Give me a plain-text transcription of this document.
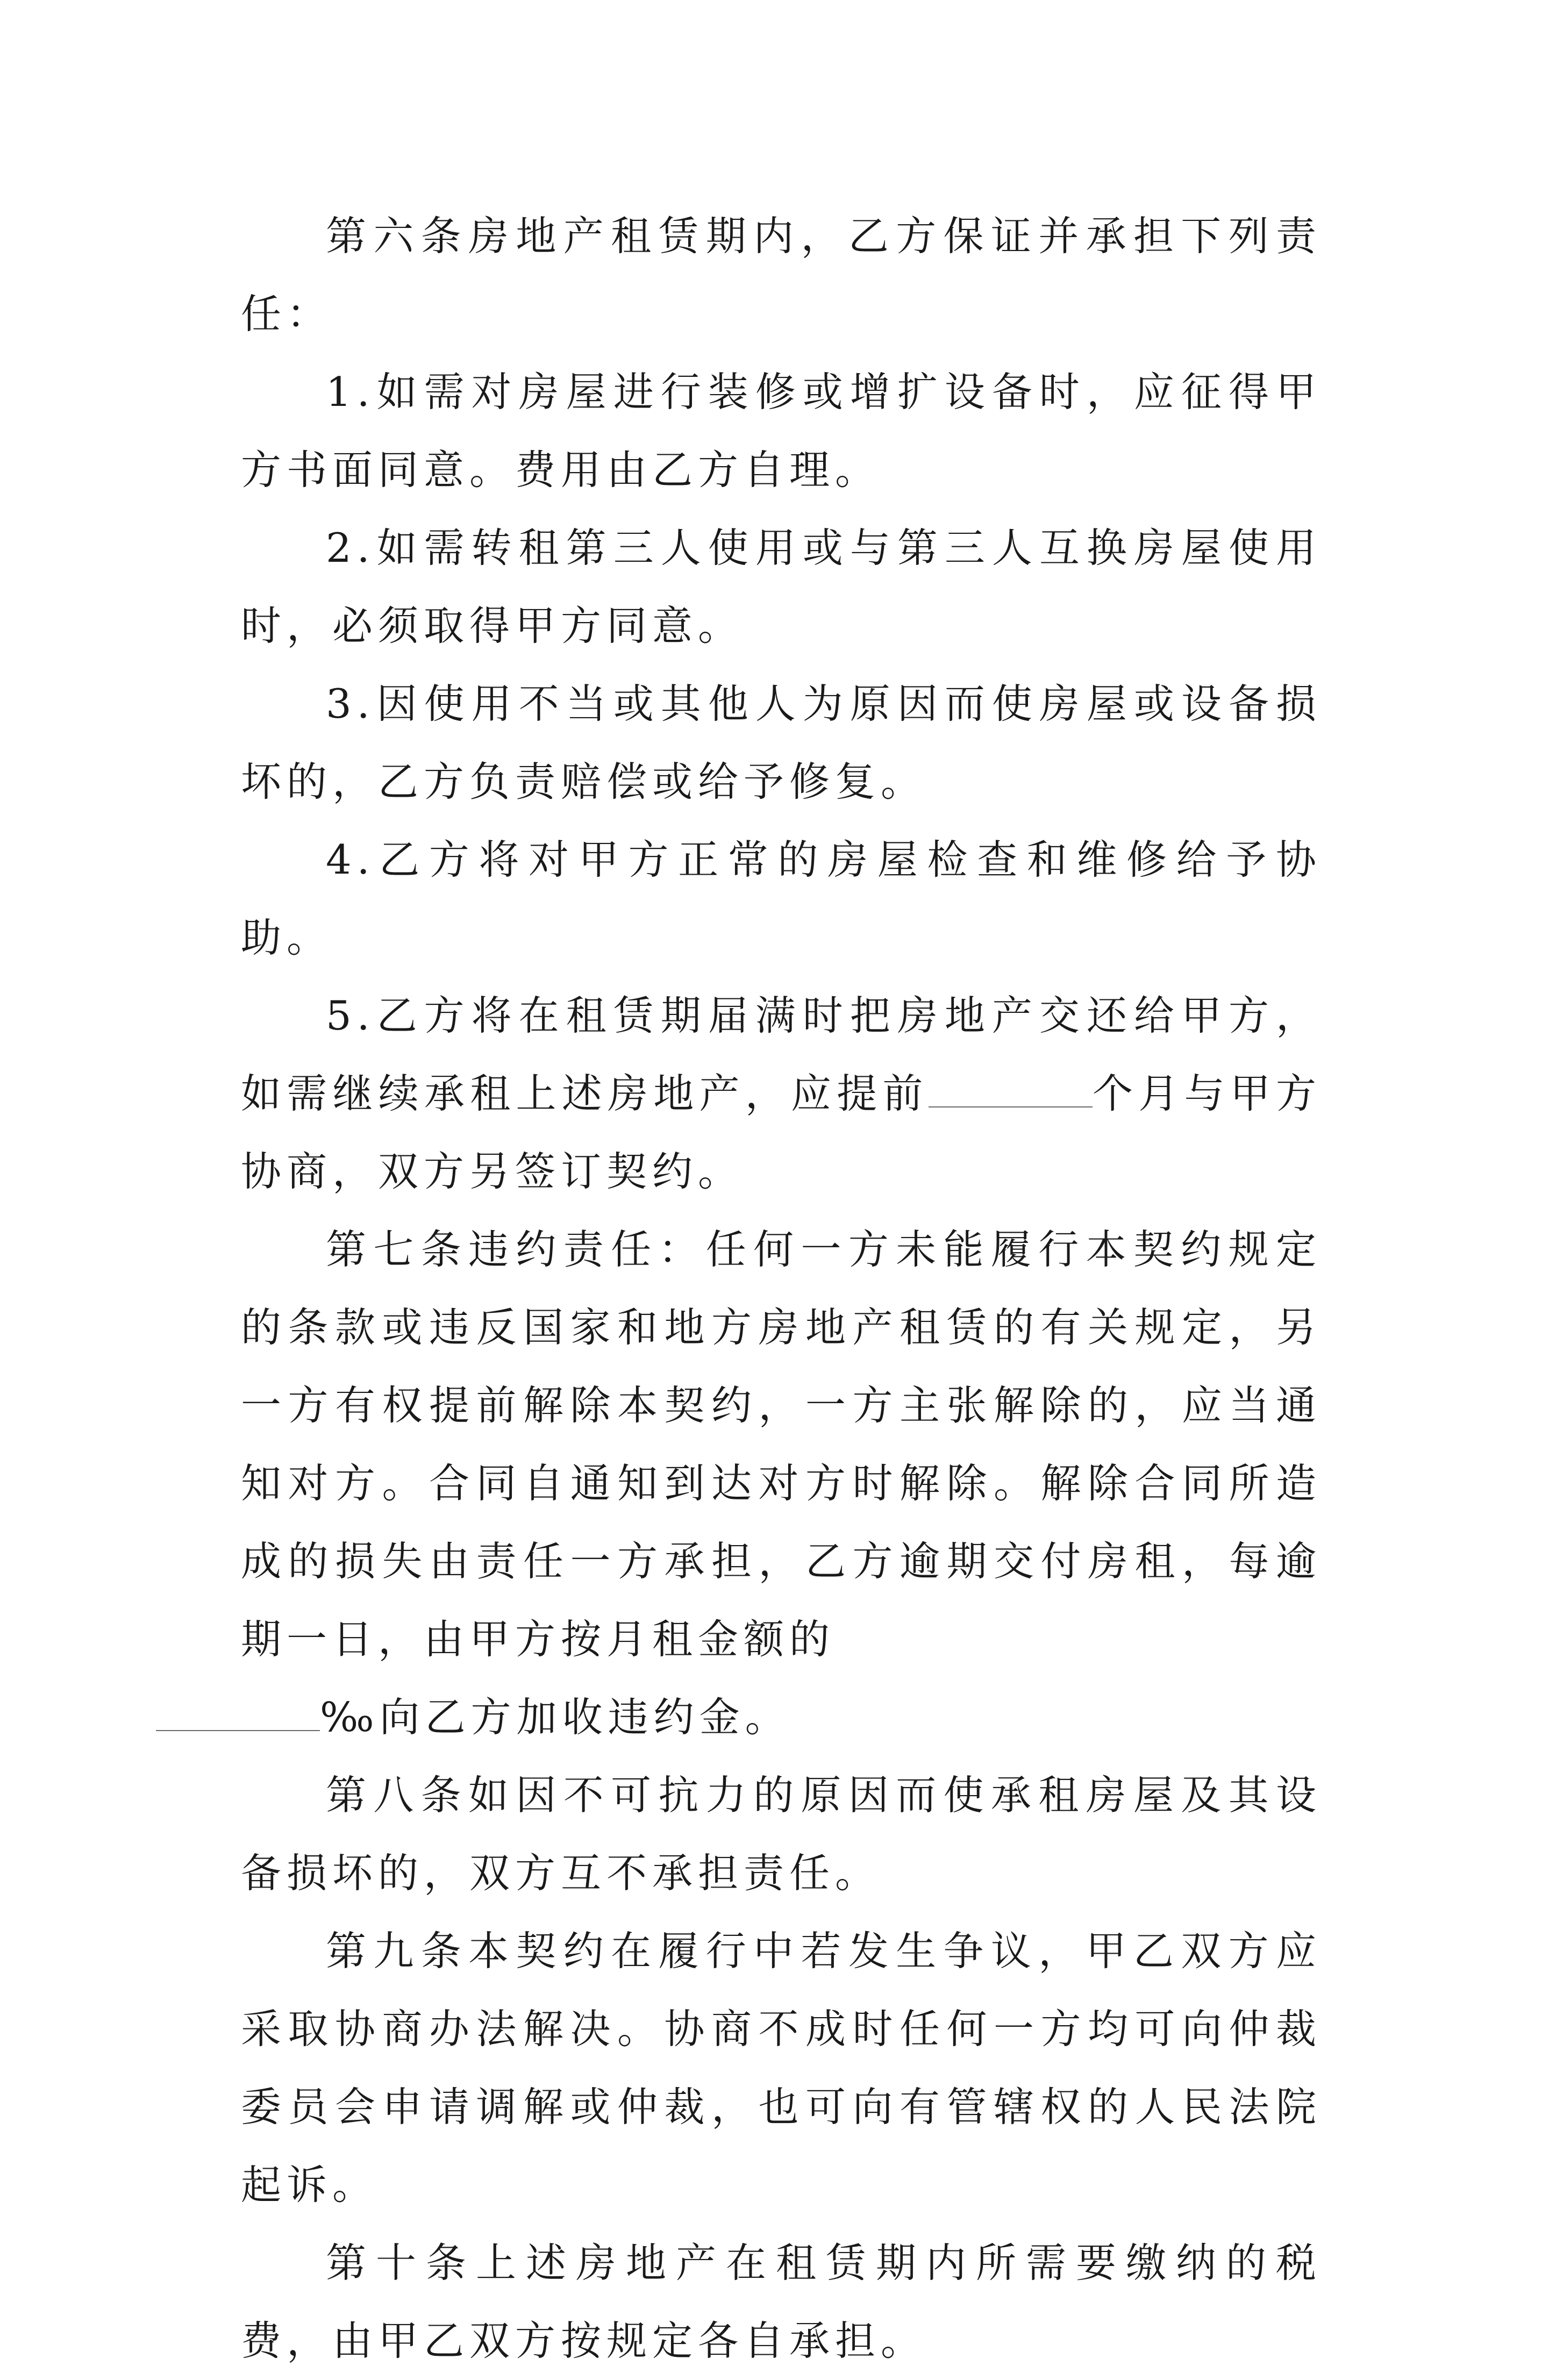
第六条房地产租赁期内，乙方保证并承担下列责任：

1.如需对房屋进行装修或增扩设备时，应征得甲方书面同意。费用由乙方自理。

2.如需转租第三人使用或与第三人互换房屋使用时，必须取得甲方同意。

3.因使用不当或其他人为原因而使房屋或设备损坏的，乙方负责赔偿或给予修复。

4.乙方将对甲方正常的房屋检查和维修给予协助。

5.乙方将在租赁期届满时把房地产交还给甲方，如需继续承租上述房地产，应提前	个月与甲方协商，双方另签订契约。

第七条违约责任：任何一方未能履行本契约规定的条款或违反国家和地方房地产租赁的有关规定，另一方有权提前解除本契约，一方主张解除的，应当通知对方。合同自通知到达对方时解除。解除合同所造成的损失由责任一方承担，乙方逾期交付房租，每逾期一日，由甲方按月租金额的
‰向乙方加收违约金。

第八条如因不可抗力的原因而使承租房屋及其设备损坏的，双方互不承担责任。

第九条本契约在履行中若发生争议，甲乙双方应采取协商办法解决。协商不成时任何一方均可向仲裁委员会申请调解或仲裁，也可向有管辖权的人民法院起诉。

第十条上述房地产在租赁期内所需要缴纳的税费，由甲乙双方按规定各自承担。
